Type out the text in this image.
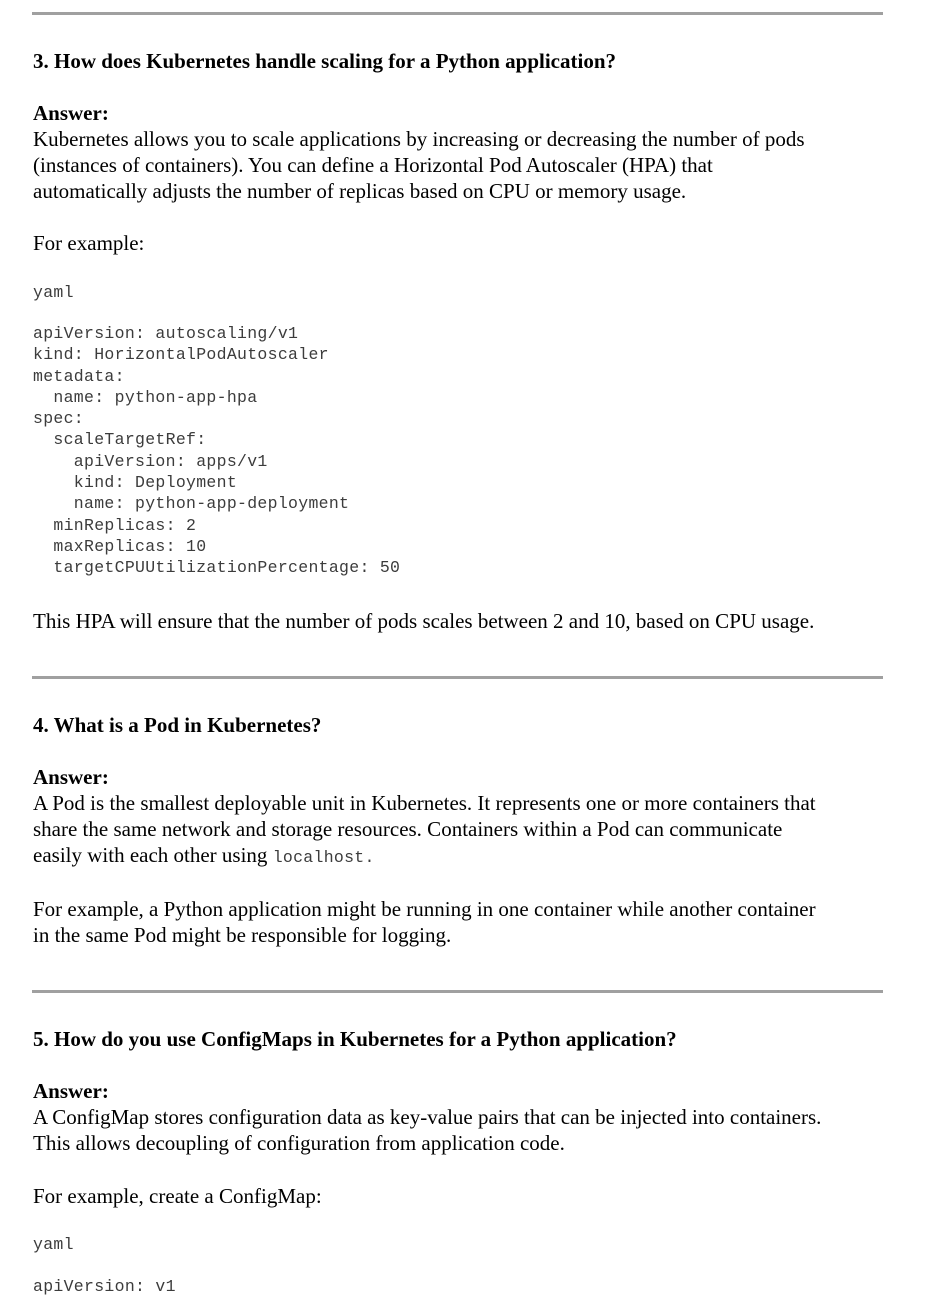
3. How does Kubernetes handle scaling for a Python application?
Answer:
Kubernetes allows you to scale applications by increasing or decreasing the number of pods
(instances of containers). You can define a Horizontal Pod Autoscaler (HPA) that
automatically adjusts the number of replicas based on CPU or memory usage.
For example:
yaml
apiVersion: autoscaling/v1
kind: HorizontalPodAutoscaler
metadata:
name: python-app-hpa
spec:
scaleTargetRef:
apiVersion: apps/v1
kind: Deployment
name: python-app-deployment
minReplicas: 2
maxReplicas: 10
targetCPUUtilizationPercentage: 50
This HPA will ensure that the number of pods scales between 2 and 10, based on CPU usage.
4. What is a Pod in Kubernetes?
Answer:
A Pod is the smallest deployable unit in Kubernetes. It represents one or more containers that
share the same network and storage resources. Containers within a Pod can communicate
easily with each other using localhost.
For example, a Python application might be running in one container while another container
in the same Pod might be responsible for logging.
5. How do you use ConfigMaps in Kubernetes for a Python application?
Answer:
A ConfigMap stores configuration data as key-value pairs that can be injected into containers.
This allows decoupling of configuration from application code.
For example, create a ConfigMap:
yaml
apiVersion: v1
